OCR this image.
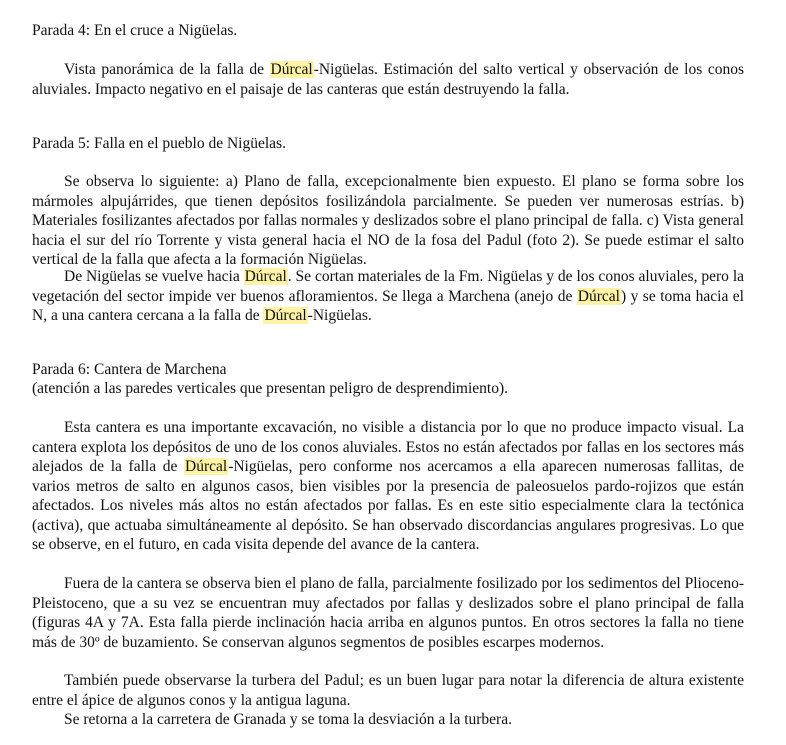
Parada 4: En el cruce a Nigüelas.

Vista panorámica de la falla de Dúrcal-Nigüelas. Estimación del salto vertical y observación de los conos aluviales. Impacto negativo en el paisaje de las canteras que están destruyendo la falla.

Parada 5: Falla en el pueblo de Nigüelas.

Se observa lo siguiente: a) Plano de falla, excepcionalmente bien expuesto. El plano se forma sobre los mármoles alpujárrides, que tienen depósitos fosilizándola parcialmente. Se pueden ver numerosas estrías. b) Materiales fosilizantes afectados por fallas normales y deslizados sobre el plano principal de falla. c) Vista general hacia el sur del río Torrente y vista general hacia el NO de la fosa del Padul (foto 2). Se puede estimar el salto vertical de la falla que afecta a la formación Nigüelas.

De Nigüelas se vuelve hacia Dúrcal. Se cortan materiales de la Fm. Nigüelas y de los conos aluviales, pero la vegetación del sector impide ver buenos afloramientos. Se llega a Marchena (anejo de Dúrcal) y se toma hacia el N, a una cantera cercana a la falla de Dúrcal-Nigüelas.

Parada 6: Cantera de Marchena
(atención a las paredes verticales que presentan peligro de desprendimiento).

Esta cantera es una importante excavación, no visible a distancia por lo que no produce impacto visual. La cantera explota los depósitos de uno de los conos aluviales. Estos no están afectados por fallas en los sectores más alejados de la falla de Dúrcal-Nigüelas, pero conforme nos acercamos a ella aparecen numerosas fallitas, de varios metros de salto en algunos casos, bien visibles por la presencia de paleosuelos pardo-rojizos que están afectados. Los niveles más altos no están afectados por fallas. Es en este sitio especialmente clara la tectónica (activa), que actuaba simultáneamente al depósito. Se han observado discordancias angulares progresivas. Lo que se observe, en el futuro, en cada visita depende del avance de la cantera.

Fuera de la cantera se observa bien el plano de falla, parcialmente fosilizado por los sedimentos del Plioceno-Pleistoceno, que a su vez se encuentran muy afectados por fallas y deslizados sobre el plano principal de falla (figuras 4A y 7A. Esta falla pierde inclinación hacia arriba en algunos puntos. En otros sectores la falla no tiene más de 30º de buzamiento. Se conservan algunos segmentos de posibles escarpes modernos.

También puede observarse la turbera del Padul; es un buen lugar para notar la diferencia de altura existente entre el ápice de algunos conos y la antigua laguna.

Se retorna a la carretera de Granada y se toma la desviación a la turbera.
